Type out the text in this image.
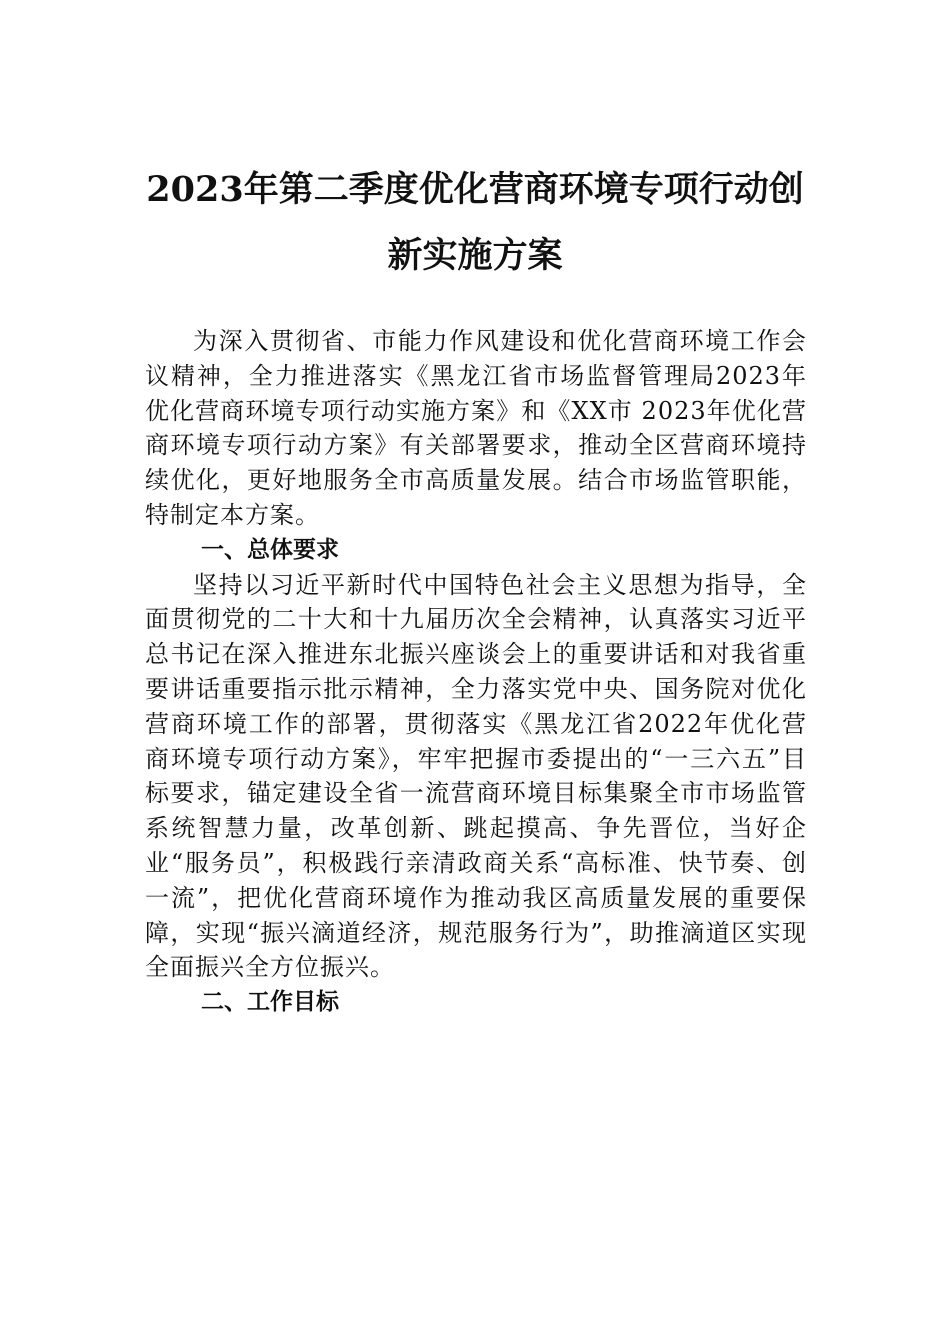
2023年第二季度优化营商环境专项行动创
新实施方案

为深入贯彻省、市能力作风建设和优化营商环境工作会议精神，全力推进落实《黑龙江省市场监督管理局2023年优化营商环境专项行动实施方案》和《XX市 2023年优化营商环境专项行动方案》有关部署要求，推动全区营商环境持续优化，更好地服务全市高质量发展。结合市场监管职能，特制定本方案。

一、总体要求

坚持以习近平新时代中国特色社会主义思想为指导，全面贯彻党的二十大和十九届历次全会精神，认真落实习近平总书记在深入推进东北振兴座谈会上的重要讲话和对我省重要讲话重要指示批示精神，全力落实党中央、国务院对优化营商环境工作的部署，贯彻落实《黑龙江省2022年优化营商环境专项行动方案》，牢牢把握市委提出的“一三六五”目标要求，锚定建设全省一流营商环境目标集聚全市市场监管系统智慧力量，改革创新、跳起摸高、争先晋位，当好企业“服务员”，积极践行亲清政商关系“高标准、快节奏、创一流”，把优化营商环境作为推动我区高质量发展的重要保障，实现“振兴滴道经济，规范服务行为”，助推滴道区实现全面振兴全方位振兴。

二、工作目标
